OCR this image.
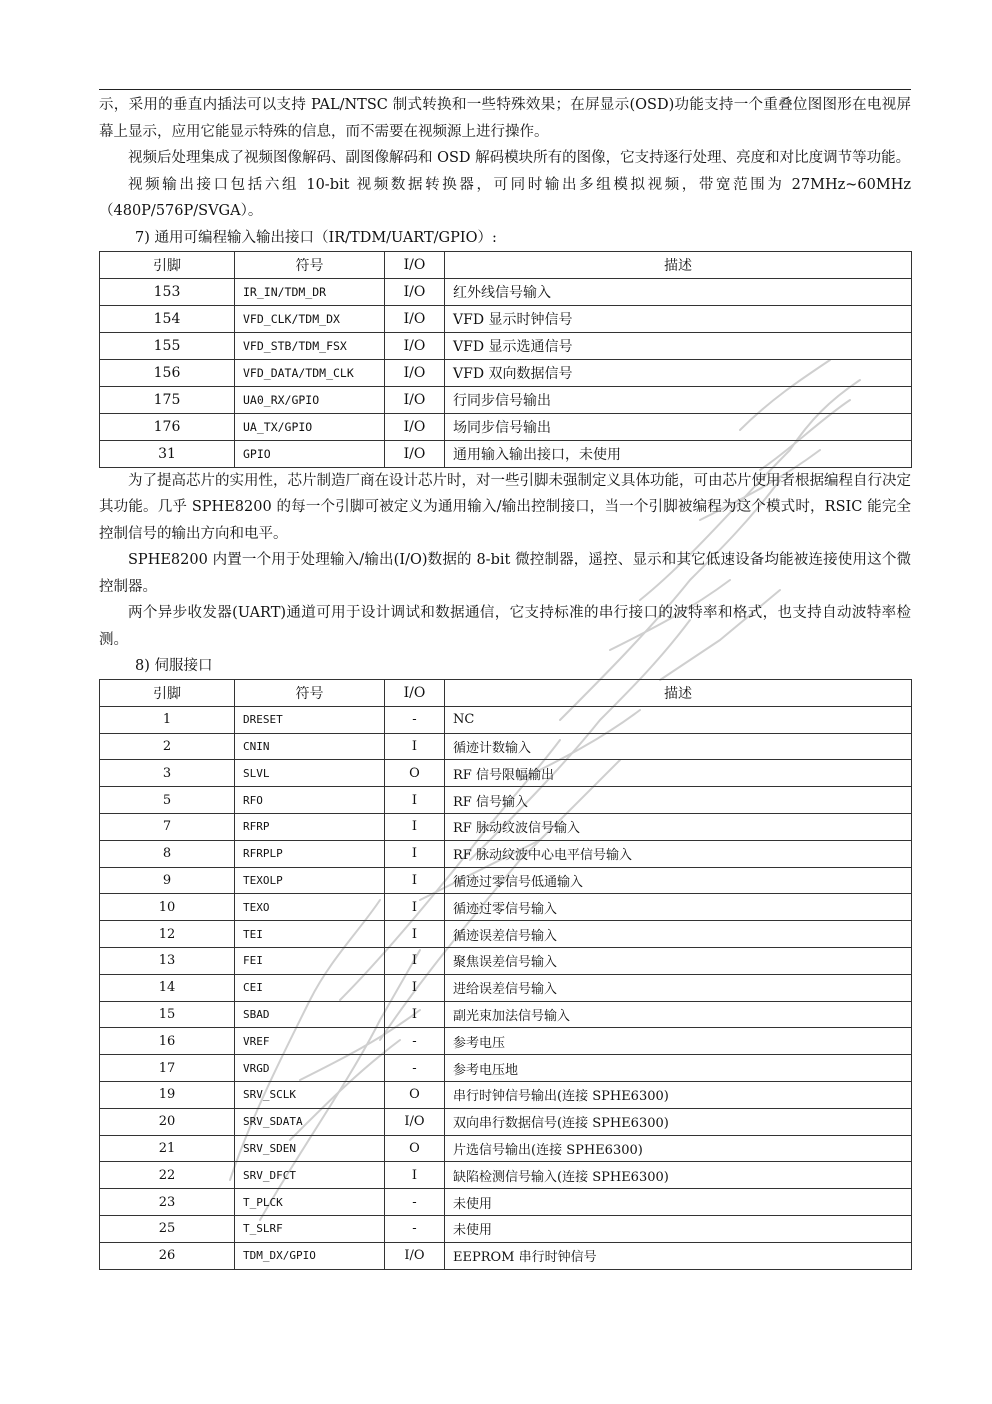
示，采用的垂直内插法可以支持 PAL/NTSC 制式转换和一些特殊效果；在屏显示(OSD)功能支持一个重叠位图图形在电视屏幕上显示，应用它能显示特殊的信息，而不需要在视频源上进行操作。

视频后处理集成了视频图像解码、副图像解码和 OSD 解码模块所有的图像，它支持逐行处理、亮度和对比度调节等功能。

视频输出接口包括六组 10-bit 视频数据转换器，可同时输出多组模拟视频，带宽范围为 27MHz~60MHz（480P/576P/SVGA）。

7) 通用可编程输入输出接口（IR/TDM/UART/GPIO）:
引脚	符号	I/O	描述
153	IR_IN/TDM_DR	I/O	红外线信号输入
154	VFD_CLK/TDM_DX	I/O	VFD 显示时钟信号
155	VFD_STB/TDM_FSX	I/O	VFD 显示选通信号
156	VFD_DATA/TDM_CLK	I/O	VFD 双向数据信号
175	UA0_RX/GPIO	I/O	行同步信号输出
176	UA_TX/GPIO	I/O	场同步信号输出
31	GPIO	I/O	通用输入输出接口，未使用

为了提高芯片的实用性，芯片制造厂商在设计芯片时，对一些引脚未强制定义具体功能，可由芯片使用者根据编程自行决定其功能。几乎 SPHE8200 的每一个引脚可被定义为通用输入/输出控制接口，当一个引脚被编程为这个模式时，RSIC 能完全控制信号的输出方向和电平。

SPHE8200 内置一个用于处理输入/输出(I/O)数据的 8-bit 微控制器，遥控、显示和其它低速设备均能被连接使用这个微控制器。

两个异步收发器(UART)通道可用于设计调试和数据通信，它支持标准的串行接口的波特率和格式，也支持自动波特率检测。

8) 伺服接口
引脚	符号	I/O	描述
1	DRESET	-	NC
2	CNIN	I	循迹计数输入
3	SLVL	O	RF 信号限幅输出
5	RFO	I	RF 信号输入
7	RFRP	I	RF 脉动纹波信号输入
8	RFRPLP	I	RF 脉动纹波中心电平信号输入
9	TEXOLP	I	循迹过零信号低通输入
10	TEXO	I	循迹过零信号输入
12	TEI	I	循迹误差信号输入
13	FEI	I	聚焦误差信号输入
14	CEI	I	进给误差信号输入
15	SBAD	I	副光束加法信号输入
16	VREF	-	参考电压
17	VRGD	-	参考电压地
19	SRV_SCLK	O	串行时钟信号输出(连接 SPHE6300)
20	SRV_SDATA	I/O	双向串行数据信号(连接 SPHE6300)
21	SRV_SDEN	O	片选信号输出(连接 SPHE6300)
22	SRV_DFCT	I	缺陷检测信号输入(连接 SPHE6300)
23	T_PLCK	-	未使用
25	T_SLRF	-	未使用
26	TDM_DX/GPIO	I/O	EEPROM 串行时钟信号
